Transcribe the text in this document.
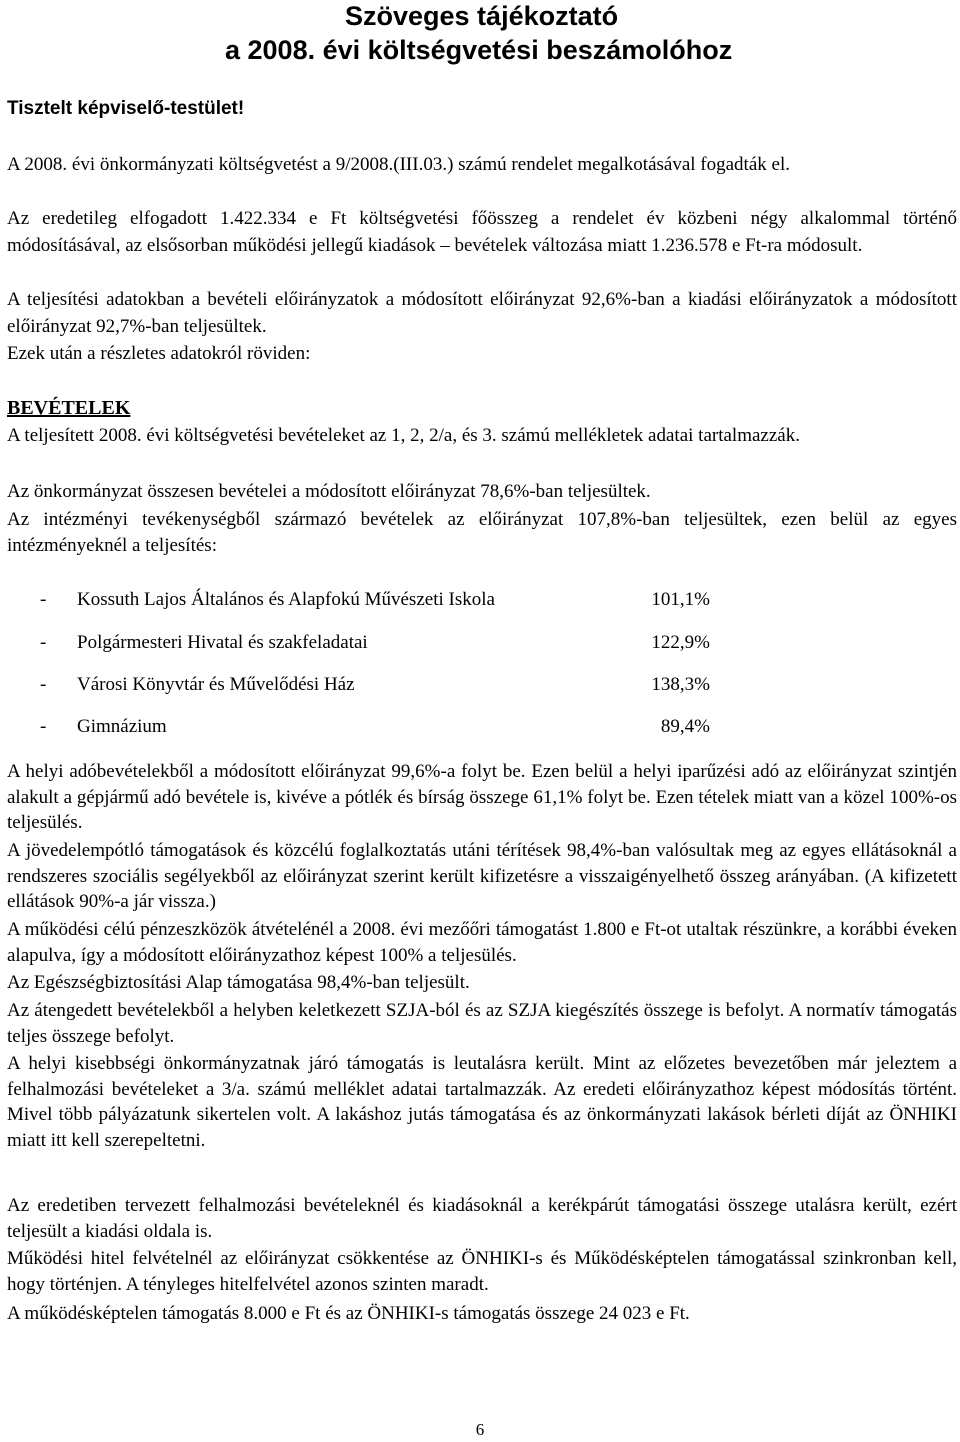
Szöveges tájékoztató
a 2008. évi költségvetési beszámolóhoz
Tisztelt képviselő-testület!
A 2008. évi önkormányzati költségvetést a 9/2008.(III.03.) számú rendelet megalkotásával fogadták el.
Az eredetileg elfogadott 1.422.334 e Ft költségvetési főösszeg a rendelet év közbeni négy alkalommal történő módosításával, az elsősorban működési jellegű kiadások – bevételek változása miatt 1.236.578 e Ft-ra módosult.
A teljesítési adatokban a bevételi előirányzatok a módosított előirányzat 92,6%-ban a kiadási előirányzatok a módosított előirányzat 92,7%-ban teljesültek.
Ezek után a részletes adatokról röviden:
BEVÉTELEK
A teljesített 2008. évi költségvetési bevételeket az 1, 2, 2/a, és 3. számú mellékletek adatai tartalmazzák.
Az önkormányzat összesen bevételei a módosított előirányzat 78,6%-ban teljesültek.
Az intézményi tevékenységből származó bevételek az előirányzat 107,8%-ban teljesültek, ezen belül az egyes intézményeknél a teljesítés:
- Kossuth Lajos Általános és Alapfokú Művészeti Iskola	101,1%
- Polgármesteri Hivatal és szakfeladatai	122,9%
- Városi Könyvtár és Művelődési Ház	138,3%
- Gimnázium	89,4%
A helyi adóbevételekből a módosított előirányzat 99,6%-a folyt be. Ezen belül a helyi iparűzési adó az előirányzat szintjén alakult a gépjármű adó bevétele is, kivéve a pótlék és bírság összege 61,1% folyt be. Ezen tételek miatt van a közel 100%-os teljesülés.
A jövedelempótló támogatások és közcélú foglalkoztatás utáni térítések 98,4%-ban valósultak meg az egyes ellátásoknál a rendszeres szociális segélyekből az előirányzat szerint került kifizetésre a visszaigényelhető összeg arányában. (A kifizetett ellátások 90%-a jár vissza.)
A működési célú pénzeszközök átvételénél a 2008. évi mezőőri támogatást 1.800 e Ft-ot utaltak részünkre, a korábbi éveken alapulva, így a módosított előirányzathoz képest 100% a teljesülés.
Az Egészségbiztosítási Alap támogatása 98,4%-ban teljesült.
Az átengedett bevételekből a helyben keletkezett SZJA-ból és az SZJA kiegészítés összege is befolyt. A normatív támogatás teljes összege befolyt.
A helyi kisebbségi önkormányzatnak járó támogatás is leutalásra került. Mint az előzetes bevezetőben már jeleztem a felhalmozási bevételeket a 3/a. számú melléklet adatai tartalmazzák. Az eredeti előirányzathoz képest módosítás történt. Mivel több pályázatunk sikertelen volt. A lakáshoz jutás támogatása és az önkormányzati lakások bérleti díját az ÖNHIKI miatt itt kell szerepeltetni.
Az eredetiben tervezett felhalmozási bevételeknél és kiadásoknál a kerékpárút támogatási összege utalásra került, ezért teljesült a kiadási oldala is.
Működési hitel felvételnél az előirányzat csökkentése az ÖNHIKI-s és Működésképtelen támogatással szinkronban kell, hogy történjen. A tényleges hitelfelvétel azonos szinten maradt.
A működésképtelen támogatás 8.000 e Ft és az ÖNHIKI-s támogatás összege 24 023 e Ft.
6
